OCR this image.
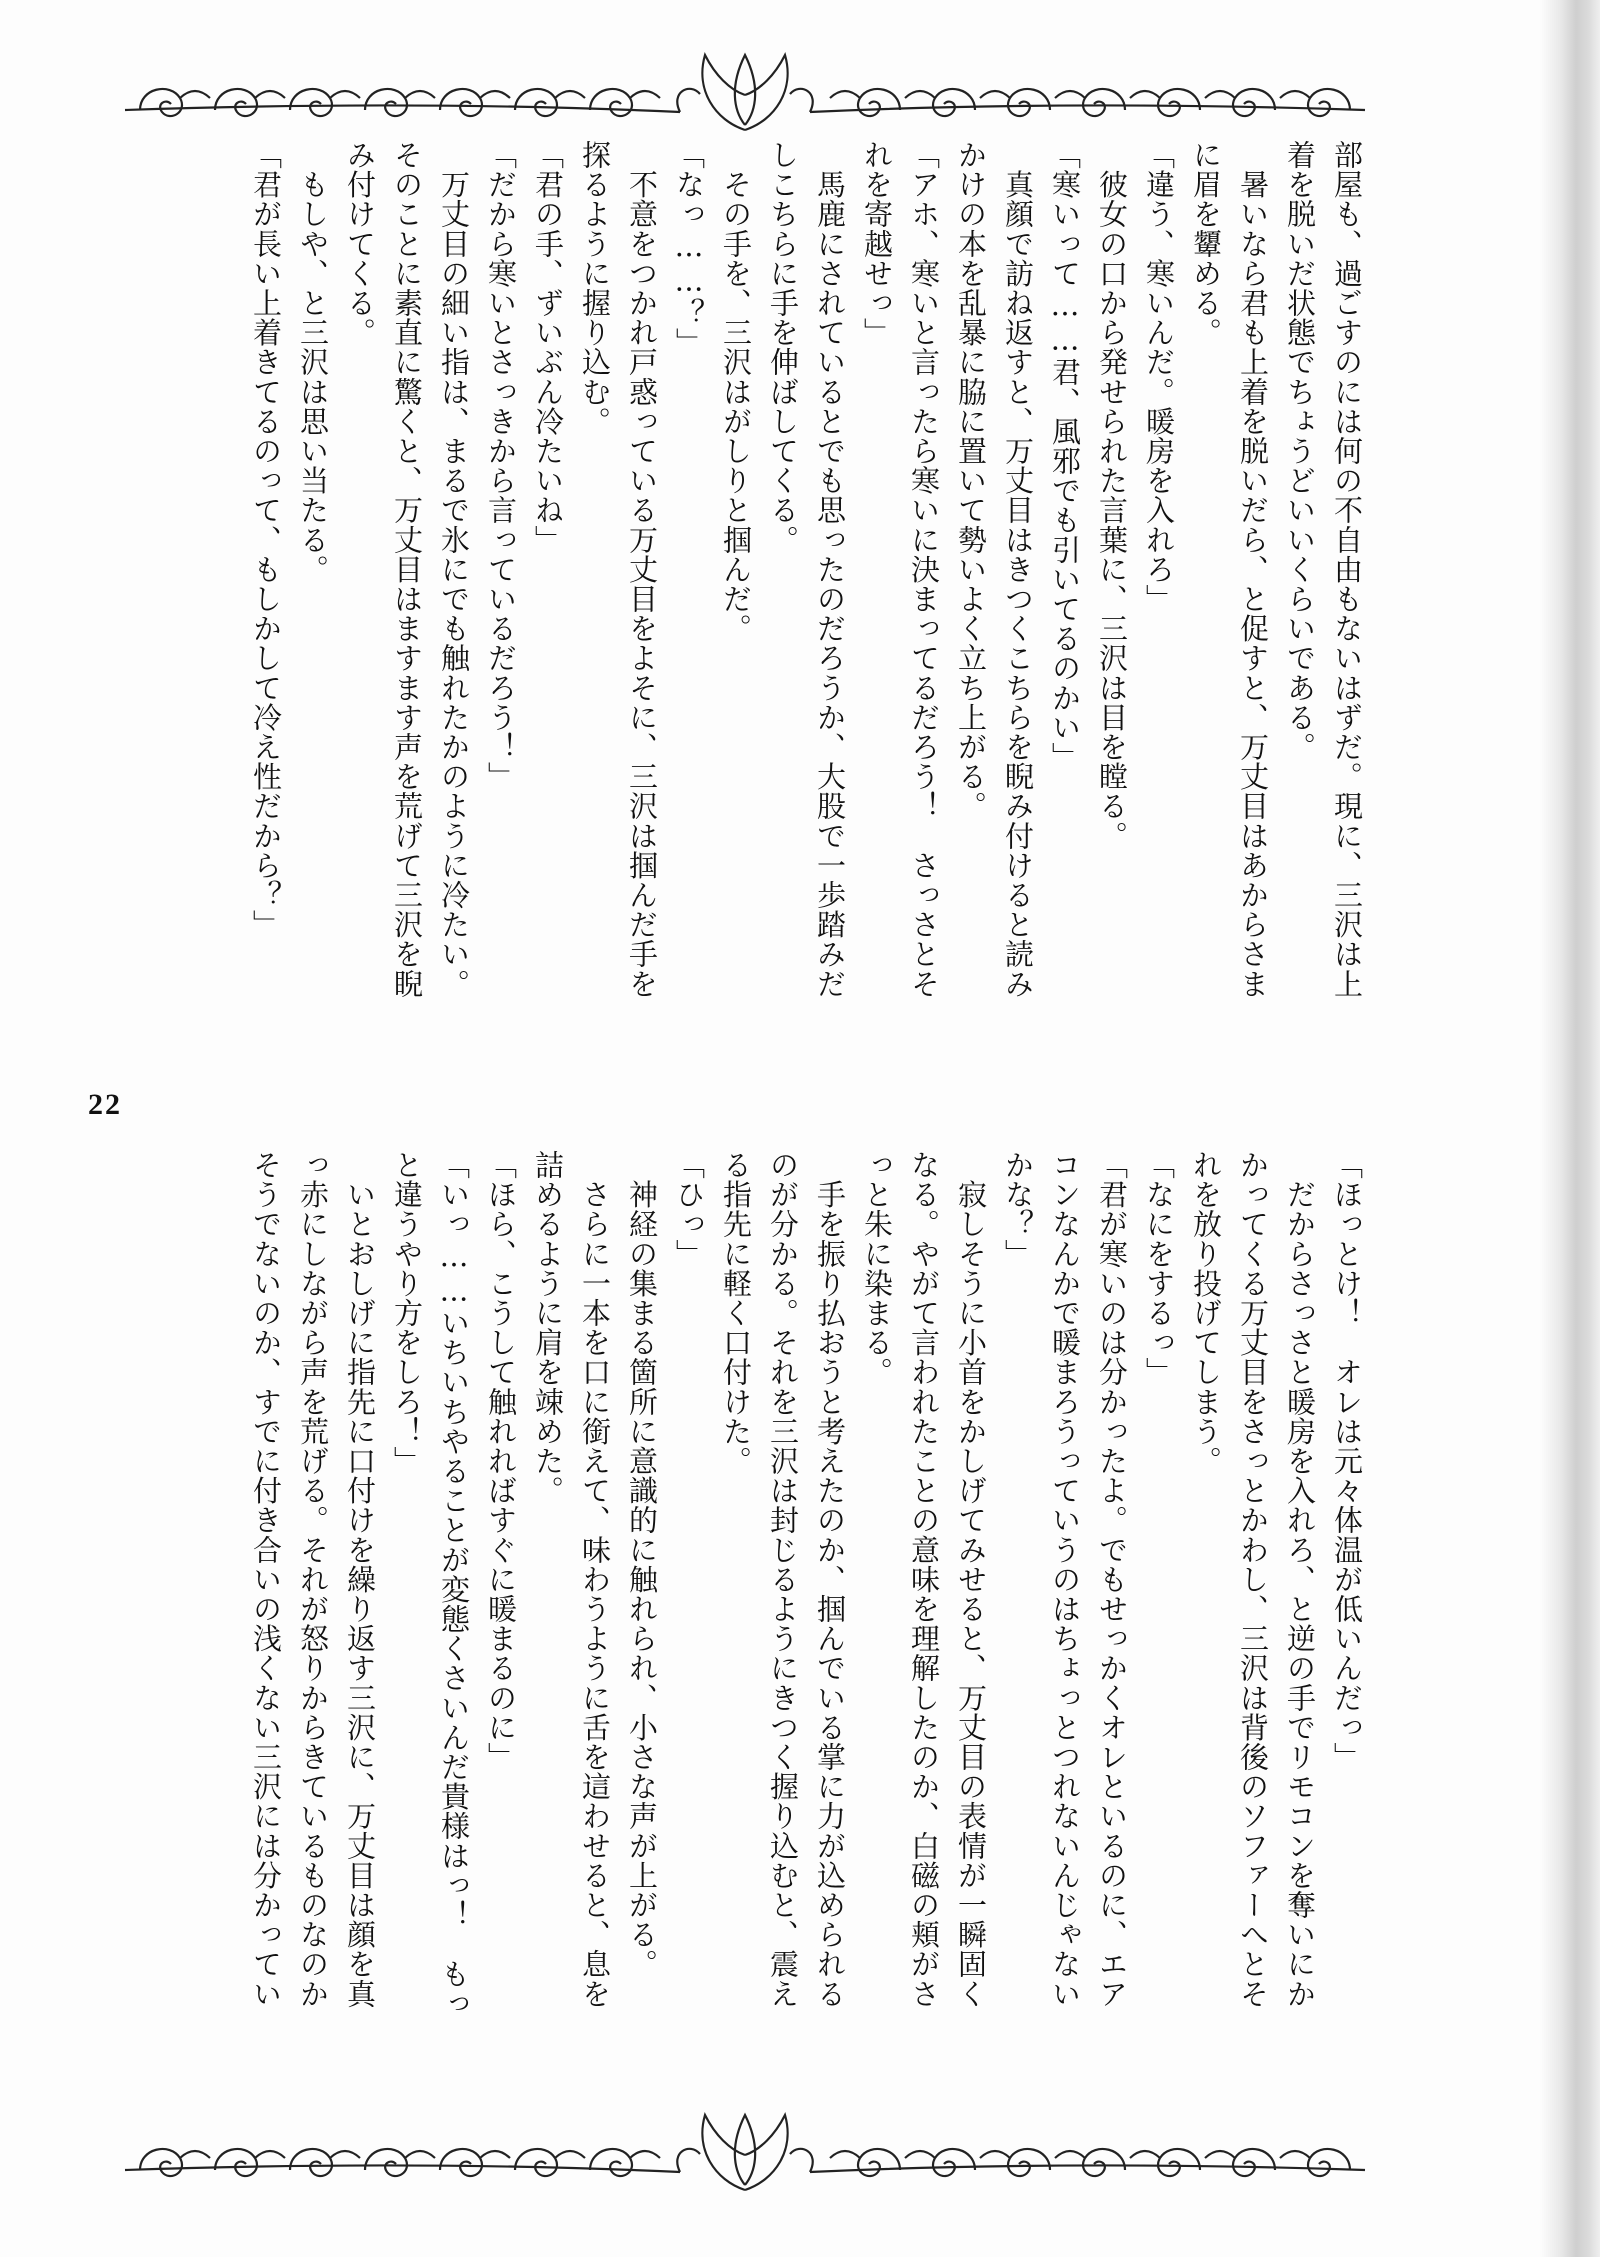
部屋も、過ごすのには何の不自由もないはずだ。現に、三沢は上
着を脱いだ状態でちょうどいいくらいである。
　暑いなら君も上着を脱いだら、と促すと、万丈目はあからさま
に眉を顰める。
「違う、寒いんだ。暖房を入れろ」
　彼女の口から発せられた言葉に、三沢は目を瞠る。
「寒いって……君、風邪でも引いてるのかい」
　真顔で訪ね返すと、万丈目はきつくこちらを睨み付けると読み
かけの本を乱暴に脇に置いて勢いよく立ち上がる。
「アホ、寒いと言ったら寒いに決まってるだろう！　さっさとそ
れを寄越せっ」
　馬鹿にされているとでも思ったのだろうか、大股で一歩踏みだ
しこちらに手を伸ばしてくる。
　その手を、三沢はがしりと掴んだ。
「なっ……？」
　不意をつかれ戸惑っている万丈目をよそに、三沢は掴んだ手を
探るように握り込む。
「君の手、ずいぶん冷たいね」
「だから寒いとさっきから言っているだろう！」
　万丈目の細い指は、まるで氷にでも触れたかのように冷たい。
そのことに素直に驚くと、万丈目はますます声を荒げて三沢を睨
み付けてくる。
　もしや、と三沢は思い当たる。
「君が長い上着きてるのって、もしかして冷え性だから？」
22
「ほっとけ！　オレは元々体温が低いんだっ」
　だからさっさと暖房を入れろ、と逆の手でリモコンを奪いにか
かってくる万丈目をさっとかわし、三沢は背後のソファーへとそ
れを放り投げてしまう。
「なにをするっ」
「君が寒いのは分かったよ。でもせっかくオレといるのに、エア
コンなんかで暖まろうっていうのはちょっとつれないんじゃない
かな？」
　寂しそうに小首をかしげてみせると、万丈目の表情が一瞬固く
なる。やがて言われたことの意味を理解したのか、白磁の頬がさ
っと朱に染まる。
　手を振り払おうと考えたのか、掴んでいる掌に力が込められる
のが分かる。それを三沢は封じるようにきつく握り込むと、震え
る指先に軽く口付けた。
「ひっ」
　神経の集まる箇所に意識的に触れられ、小さな声が上がる。
　さらに一本を口に銜えて、味わうように舌を這わせると、息を
詰めるように肩を竦めた。
「ほら、こうして触れればすぐに暖まるのに」
「いっ……いちいちやることが変態くさいんだ貴様はっ！　もっ
と違うやり方をしろ！」
　いとおしげに指先に口付けを繰り返す三沢に、万丈目は顔を真
っ赤にしながら声を荒げる。それが怒りからきているものなのか
そうでないのか、すでに付き合いの浅くない三沢には分かってい
